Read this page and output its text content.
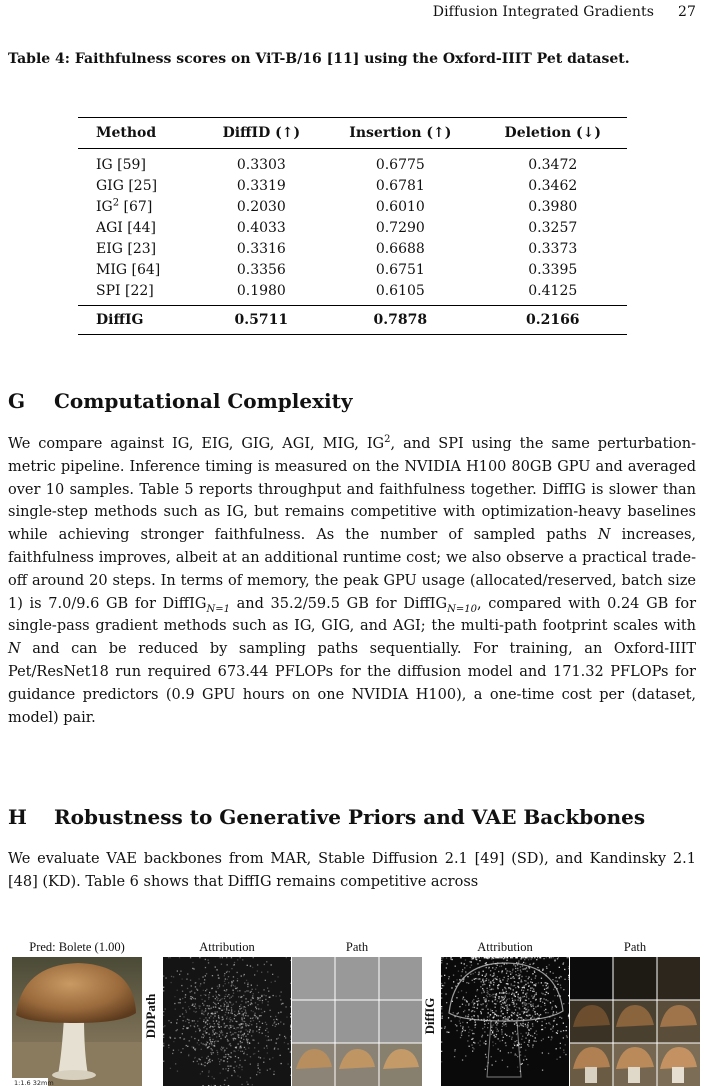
Diffusion Integrated Gradients 27
Table 4: Faithfulness scores on ViT-B/16 [11] using the Oxford-IIIT Pet dataset.
Method	DiffID (↑)	Insertion (↑)	Deletion (↓)
IG [59]	0.3303	0.6775	0.3472
GIG [25]	0.3319	0.6781	0.3462
$IG^2$ [67]	0.2030	0.6010	0.3980
AGI [44]	0.4033	0.7290	0.3257
EIG [23]	0.3316	0.6688	0.3373
MIG [64]	0.3356	0.6751	0.3395
SPI [22]	0.1980	0.6105	0.4125
DiffIG	0.5711	0.7878	0.2166
G Computational Complexity

We compare against IG, EIG, GIG, AGI, MIG, $IG^2$, and SPI using the same perturbation-metric pipeline. Inference timing is measured on the NVIDIA H100 80GB GPU and averaged over 10 samples. Table 5 reports throughput and faithfulness together. DiffIG is slower than single-step methods such as IG, but remains competitive with optimization-heavy baselines while achieving stronger faithfulness. As the number of sampled paths N increases, faithfulness improves, albeit at an additional runtime cost; we also observe a practical trade-off around 20 steps. In terms of memory, the peak GPU usage (allocated/reserved, batch size 1) is 7.0/9.6 GB for DiffIG$_{N=1}$ and 35.2/59.5 GB for DiffIG$_{N=10}$, compared with 0.24 GB for single-pass gradient methods such as IG, GIG, and AGI; the multi-path footprint scales with N and can be reduced by sampling paths sequentially. For training, an Oxford-IIIT Pet/ResNet18 run required 673.44 PFLOPs for the diffusion model and 171.32 PFLOPs for guidance predictors (0.9 GPU hours on one NVIDIA H100), a one-time cost per (dataset, model) pair.

H Robustness to Generative Priors and VAE Backbones

We evaluate VAE backbones from MAR, Stable Diffusion 2.1 [49] (SD), and Kandinsky 2.1 [48] (KD). Table 6 shows that DiffIG remains competitive across

Pred: Bolete (1.00)	Attribution	Path	Attribution	Path
1:1.6 32mm
DDPath	DiffIG
